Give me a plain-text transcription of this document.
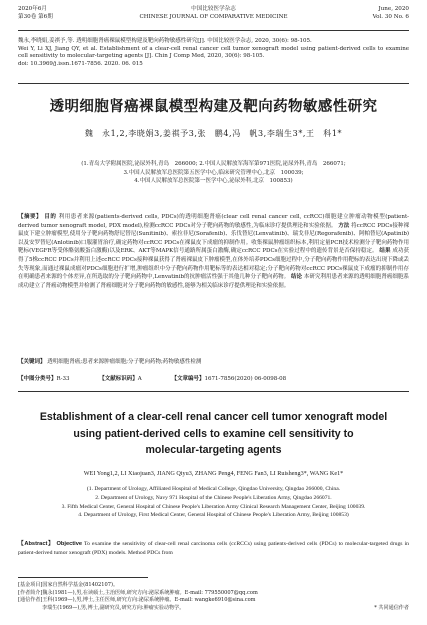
2020年6月
第30卷 第6期
中国比较医学杂志
CHINESE JOURNAL OF COMPARATIVE MEDICINE
June, 2020
Vol. 30 No. 6
魏永,李晓娟,姜祺予,等. 透明细胞肾癌裸鼠模型构建及靶向药物敏感性研究[J]. 中国比较医学杂志, 2020, 30(6): 98-105.
Wei Y, Li XJ, Jiang QY, et al. Establishment of a clear-cell renal cancer cell tumor xenograft model using patient-derived cells to examine cell sensitivity to molecular-targeting agents [J]. Chin J Comp Med, 2020, 30(6): 98-105.
doi: 10.3969/j.issn.1671-7856. 2020. 06. 015
透明细胞肾癌裸鼠模型构建及靶向药物敏感性研究
魏　永1,2,李晓娟3,姜祺予3,张　鹏4,冯　帆3,李瑞生3*,王　科1*
(1.青岛大学附属医院,泌尿外科,青岛　266000; 2.中国人民解放军海军第971医院,泌尿外科,青岛　266071;
3.中国人民解放军总医院第五医学中心,临床研究管理中心,北京　100039;
4.中国人民解放军总医院第一医学中心,泌尿外科,北京　100853)
【摘要】 目的 利用患者来源(patients-derived cells, PDCs)的透明细胞肾癌(clear cell renal cancer cell, ccRCC)细胞建立肿瘤动物模型(patient-derived tumor xenograft model, PDX model),检测ccRCC PDCs对分子靶向药物的敏感性,为临床诊疗提供理论和实验依据。 方法 将ccRCC PDCs接种裸鼠皮下建立肿瘤模型,使用分子靶向药物舒尼替尼(Sunitinib)、索拉非尼(Sorafenib)、乐伐替尼(Lenvatinib)、瑞戈非尼(Regorafenib)、阿帕替尼(Apatinib)以及安罗替尼(Anlotinib)口服灌胃治疗,确定药物对ccRCC PDCs在裸鼠皮下成瘤的抑制作用。收集裸鼠肿瘤组织标本,利用定量PCR技术检测分子靶向药物作用靶标(VEGFR等受体酪氨酸蛋白激酶)以及ERK、AKT等MAPK信号通路所属蛋白激酶,确定ccRCC PDCs在实验过程中的遗传背景是否保持稳定。 结果 成功获得了5株ccRCC PDCs并利用上述ccRCC PDCs接种裸鼠获得了肾癌裸鼠皮下肿瘤模型,在体外培养PDCs细胞过程中,分子靶向药物作用靶标的表达出现下降或丢失等现象,而通过裸鼠成瘤对PDCs细胞进行扩增,肿瘤组织中分子靶向药物作用靶标等的表达相对稳定;分子靶向药物对ccRCC PDCs裸鼠皮下成瘤的抑制作用存在明确患者来源的个体差异,在所选取的分子靶向药物中,Lenvatinib的抗肿瘤活性强于其他几种分子靶向药物。 结论 本研究利用患者来源的透明细胞肾癌细胞系成功建立了肾癌动物模型并检测了肾癌细胞对分子靶向药物的敏感性,能够为相关临床诊疗提供理论和实验依据。
【关键词】 透明细胞肾癌;患者来源肿瘤细胞;分子靶向药物;药物敏感性检测
【中图分类号】R-33	【文献标识码】A	【文章编号】1671-7856(2020) 06-0098-08
Establishment of a clear-cell renal cancer cell tumor xenograft model
using patient-derived cells to examine cell sensitivity to
molecular-targeting agents
WEI Yong1,2, LI Xiaojuan3, JIANG Qiyu3, ZHANG Peng4, FENG Fan3, LI Ruisheng3*, WANG Ke1*
(1. Department of Urology, Affiliated Hospital of Medical College, Qingdao University, Qingdao 266000, China.
2. Department of Urology, Navy 971 Hospital of the Chinese People's Liberation Army, Qingdao 266071.
3. Fifth Medical Center, General Hospital of Chinese People's Liberation Army Clinical Research Management Center, Beijing 100039.
4. Department of Urology, First Medical Center, General Hospital of Chinese People's Liberation Army, Beijing 100853)
【Abstract】 Objective To examine the sensitivity of clear-cell renal carcinoma cells (ccRCCs) using patients-derived cells (PDCs) to molecular-targeted drugs in patient-derived tumor xenograft (PDX) models. Method PDCs from
[基金项目]国家自然科学基金(81402107)。
[作者简介]魏永(1981—),男,在读硕士,主治医师,研究方向:泌尿系统肿瘤。E-mail: 779550007@qq.com
[通信作者]王科(1969—),男,博士,主任医师,研究方向:泌尿系统肿瘤。E-mail: wangke6910@sina.com
李瑞生(1969—),男,博士,副研究员,研究方向:肿瘤实验动物学。	* 共同通信作者
